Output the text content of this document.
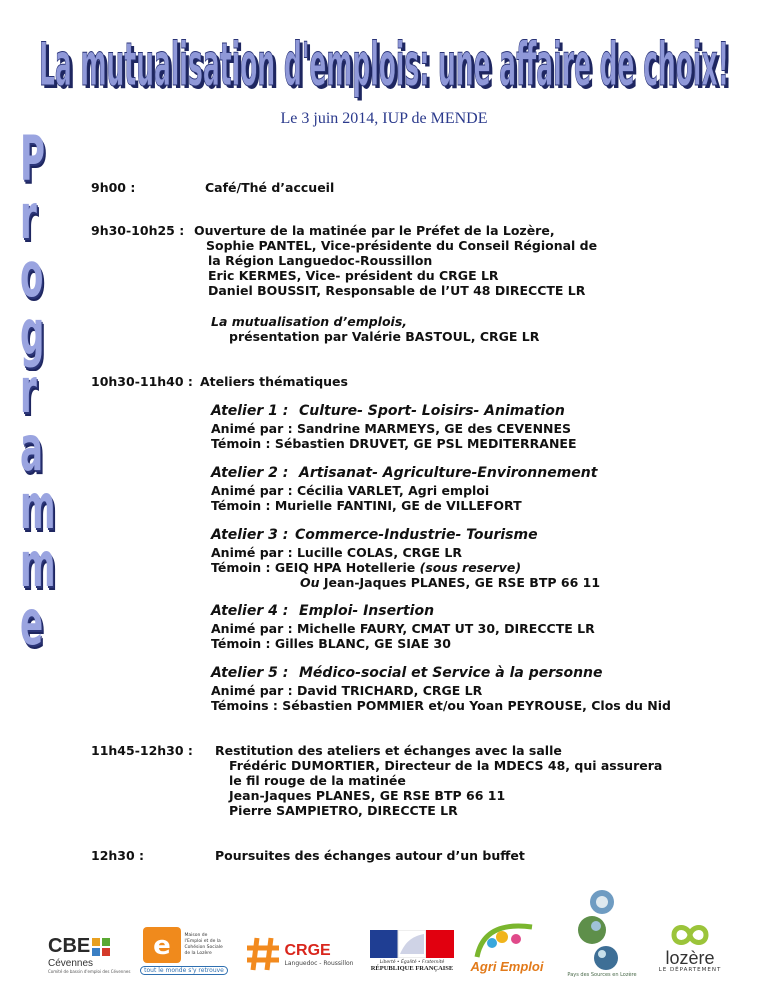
La mutualisation d'emplois: une affaire de choix!
La mutualisation d'emplois: une affaire de choix!
Le 3 juin 2014, IUP de MENDE
P
r
o
g
r
a
m
m
e
9h00 :	Café/Thé d’accueil
9h30-10h25 : Ouverture de la matinée par le Préfet de la Lozère,
Sophie PANTEL, Vice-présidente du Conseil Régional de
la Région Languedoc-Roussillon
Eric KERMES, Vice- président du CRGE LR
Daniel BOUSSIT, Responsable de l’UT 48 DIRECCTE LR
La mutualisation d’emplois,
présentation par Valérie BASTOUL, CRGE LR
10h30-11h40 : Ateliers thématiques
Atelier 1 : Culture- Sport- Loisirs- Animation
Animé par : Sandrine MARMEYS, GE des CEVENNES
Témoin : Sébastien DRUVET, GE PSL MEDITERRANEE
Atelier 2 : Artisanat- Agriculture-Environnement
Animé par : Cécilia VARLET, Agri emploi
Témoin : Murielle FANTINI, GE de VILLEFORT
Atelier 3 : Commerce-Industrie- Tourisme
Animé par : Lucille COLAS, CRGE LR
Témoin : GEIQ HPA Hotellerie (sous reserve)
Ou Jean-Jaques PLANES, GE RSE BTP 66 11
Atelier 4 : Emploi- Insertion
Animé par : Michelle FAURY, CMAT UT 30, DIRECCTE LR
Témoin : Gilles BLANC, GE SIAE 30
Atelier 5 : Médico-social et Service à la personne
Animé par : David TRICHARD, CRGE LR
Témoins : Sébastien POMMIER et/ou Yoan PEYROUSE, Clos du Nid
11h45-12h30 : Restitution des ateliers et échanges avec la salle
Frédéric DUMORTIER, Directeur de la MDECS 48, qui assurera
le fil rouge de la matinée
Jean-Jaques PLANES, GE RSE BTP 66 11
Pierre SAMPIETRO, DIRECCTE LR
12h30 :	Poursuites des échanges autour d’un buffet
CBE
Cévennes
Comité de bassin d'emploi des Cévennes
e	Maison de l'Emploi et de la Cohésion Sociale de la Lozère
tout le monde s'y retrouve
CRGE
Languedoc - Roussillon	Liberté • Égalité • Fraternité
RÉPUBLIQUE FRANÇAISE Agri Emploi
Pays des Sources en Lozère
lozère
LE DÉPARTEMENT
